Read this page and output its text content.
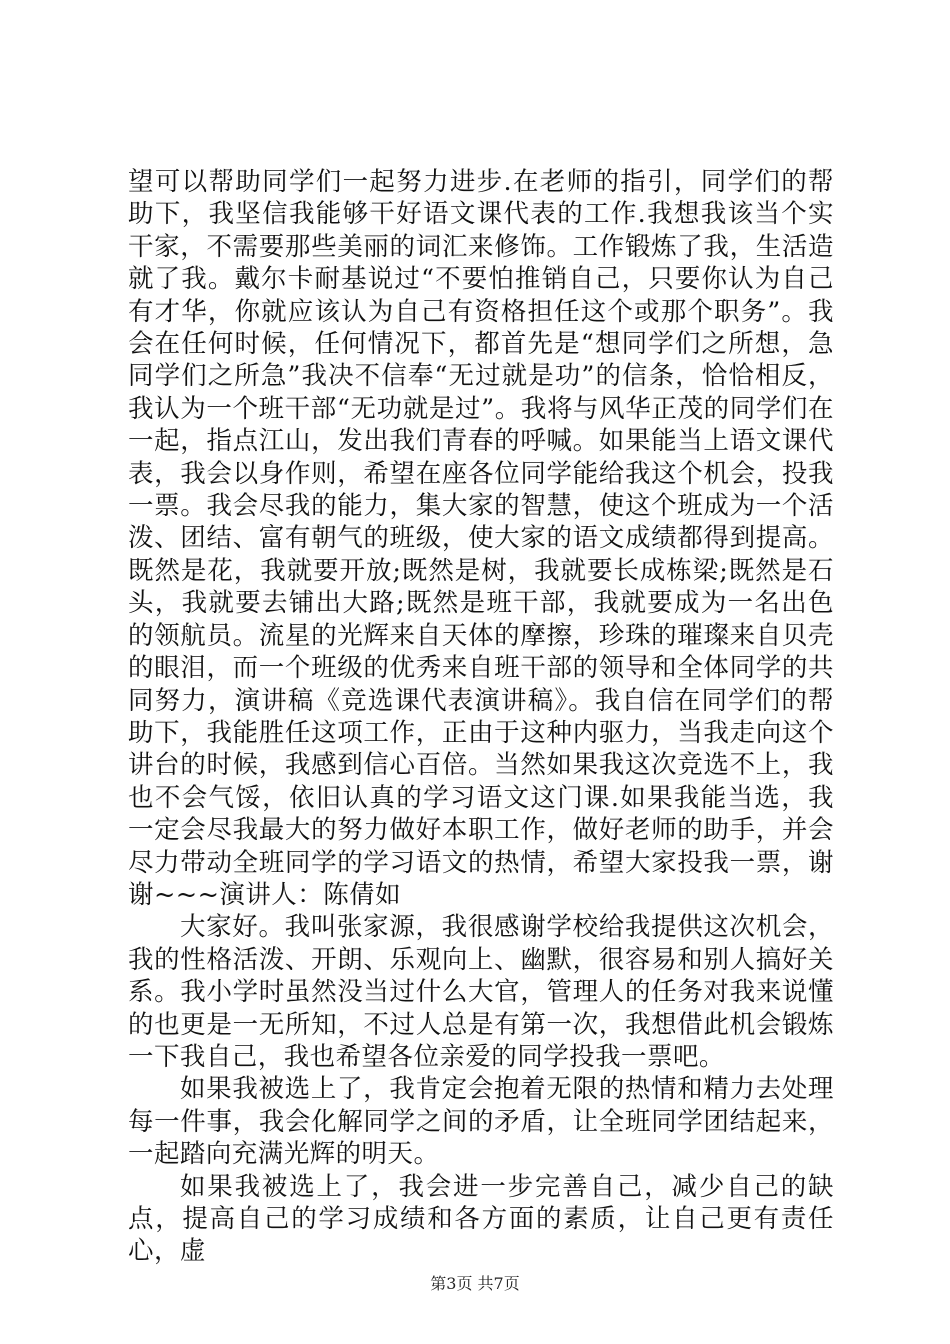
望可以帮助同学们一起努力进步.在老师的指引，同学们的帮助下，我坚信我能够干好语文课代表的工作.我想我该当个实干家，不需要那些美丽的词汇来修饰。工作锻炼了我，生活造就了我。戴尔卡耐基说过“不要怕推销自己，只要你认为自己有才华，你就应该认为自己有资格担任这个或那个职务”。我会在任何时候，任何情况下，都首先是“想同学们之所想，急同学们之所急”我决不信奉“无过就是功”的信条，恰恰相反，我认为一个班干部“无功就是过”。我将与风华正茂的同学们在一起，指点江山，发出我们青春的呼喊。如果能当上语文课代表，我会以身作则，希望在座各位同学能给我这个机会，投我一票。我会尽我的能力，集大家的智慧，使这个班成为一个活泼、团结、富有朝气的班级，使大家的语文成绩都得到提高。既然是花，我就要开放;既然是树，我就要长成栋梁;既然是石头，我就要去铺出大路;既然是班干部，我就要成为一名出色的领航员。流星的光辉来自天体的摩擦，珍珠的璀璨来自贝壳的眼泪，而一个班级的优秀来自班干部的领导和全体同学的共同努力，演讲稿《竞选课代表演讲稿》。我自信在同学们的帮助下，我能胜任这项工作，正由于这种内驱力，当我走向这个讲台的时候，我感到信心百倍。当然如果我这次竞选不上，我也不会气馁，依旧认真的学习语文这门课.如果我能当选，我一定会尽我最大的努力做好本职工作，做好老师的助手，并会尽力带动全班同学的学习语文的热情，希望大家投我一票，谢谢~~~演讲人：陈倩如

大家好。我叫张家源，我很感谢学校给我提供这次机会，我的性格活泼、开朗、乐观向上、幽默，很容易和别人搞好关系。我小学时虽然没当过什么大官，管理人的任务对我来说懂的也更是一无所知，不过人总是有第一次，我想借此机会锻炼一下我自己，我也希望各位亲爱的同学投我一票吧。

如果我被选上了，我肯定会抱着无限的热情和精力去处理每一件事，我会化解同学之间的矛盾，让全班同学团结起来，一起踏向充满光辉的明天。

如果我被选上了，我会进一步完善自己，减少自己的缺点，提高自己的学习成绩和各方面的素质，让自己更有责任心，虚

第3页 共7页
